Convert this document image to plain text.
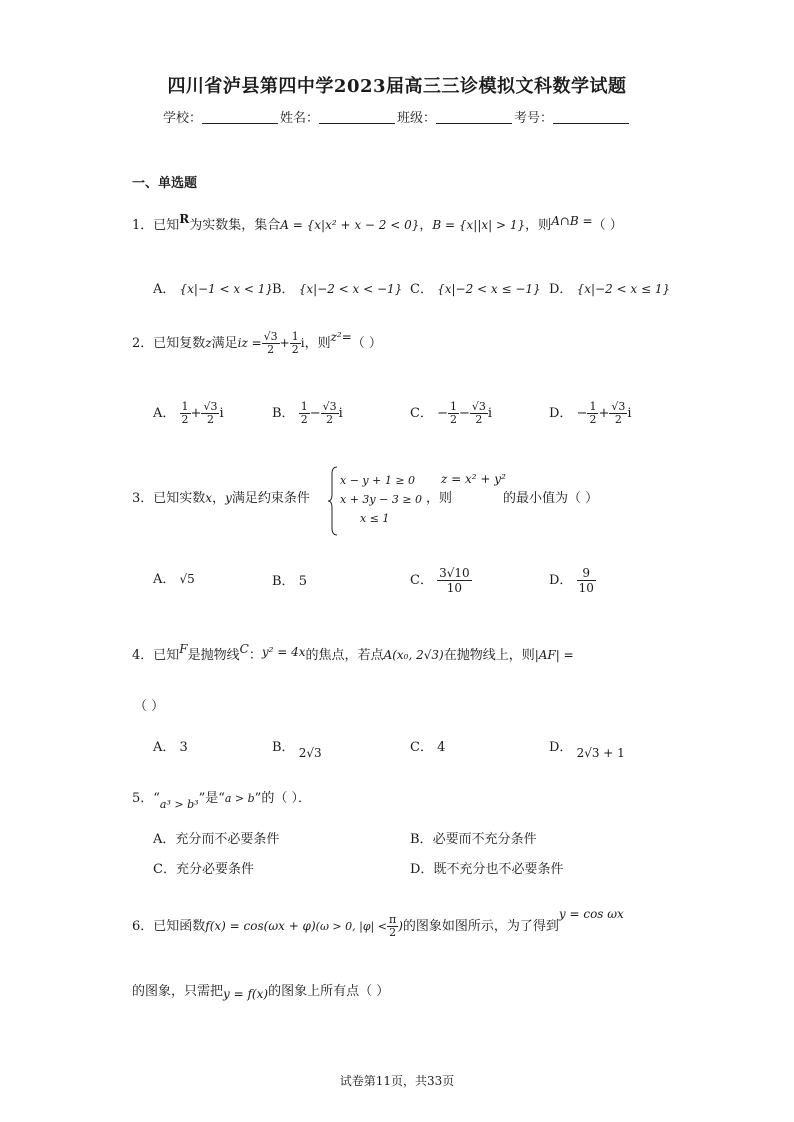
四川省泸县第四中学2023届高三三诊模拟文科数学试题
学校：	姓名：	班级：	考号：
一、单选题
1．已知R为实数集，集合A = {x|x² + x − 2 < 0}，B = {x||x| > 1}，则A∩B =（ ）
A． {x|−1 < x < 1}
B． {x|−2 < x < −1} C． {x|−2 < x ≤ −1} D． {x|−2 < x ≤ 1}
2．已知复数z满足iz = $\frac{√3}{2} + \frac{1}{2}$ i，则z²=（ ）
A． $\frac{1}{2} + \frac{√3}{2}$ i	B． $\frac{1}{2} - \frac{√3}{2}$ i	C． − $\frac{1}{2} - \frac{√3}{2}$ i	D． − $\frac{1}{2} + \frac{√3}{2}$ i
3．已知实数x，y满足约束条件
x − y + 1 ≥ 0
x + 3y − 3 ≥ 0
x ≤ 1
，则
z = x² + y²
的最小值为（ ）
A． √5	B． 5	C． $\frac{3√10}{10}$	D． $\frac{9}{10}$
4．已知F是抛物线C：y² = 4x的焦点，若点A(x₀, 2√3)在抛物线上，则|AF| =
（ ）
A． 3	B． 2√3	C． 4	D． 2√3 + 1
5．“$_{a^3 > b^3}$”是“a > b”的（ ）．
A．充分而不必要条件	B．必要而不充分条件
C．充分必要条件	D．既不充分也不必要条件
6．已知函数f(x) = cos(ωx + φ)(ω > 0, $|\varphi| < \frac{\pi}{2}$ )的图象如图所示，为了得到y = cos ωx
的图象，只需把y = f(x)的图象上所有点（ ）
试卷第11页，共33页
